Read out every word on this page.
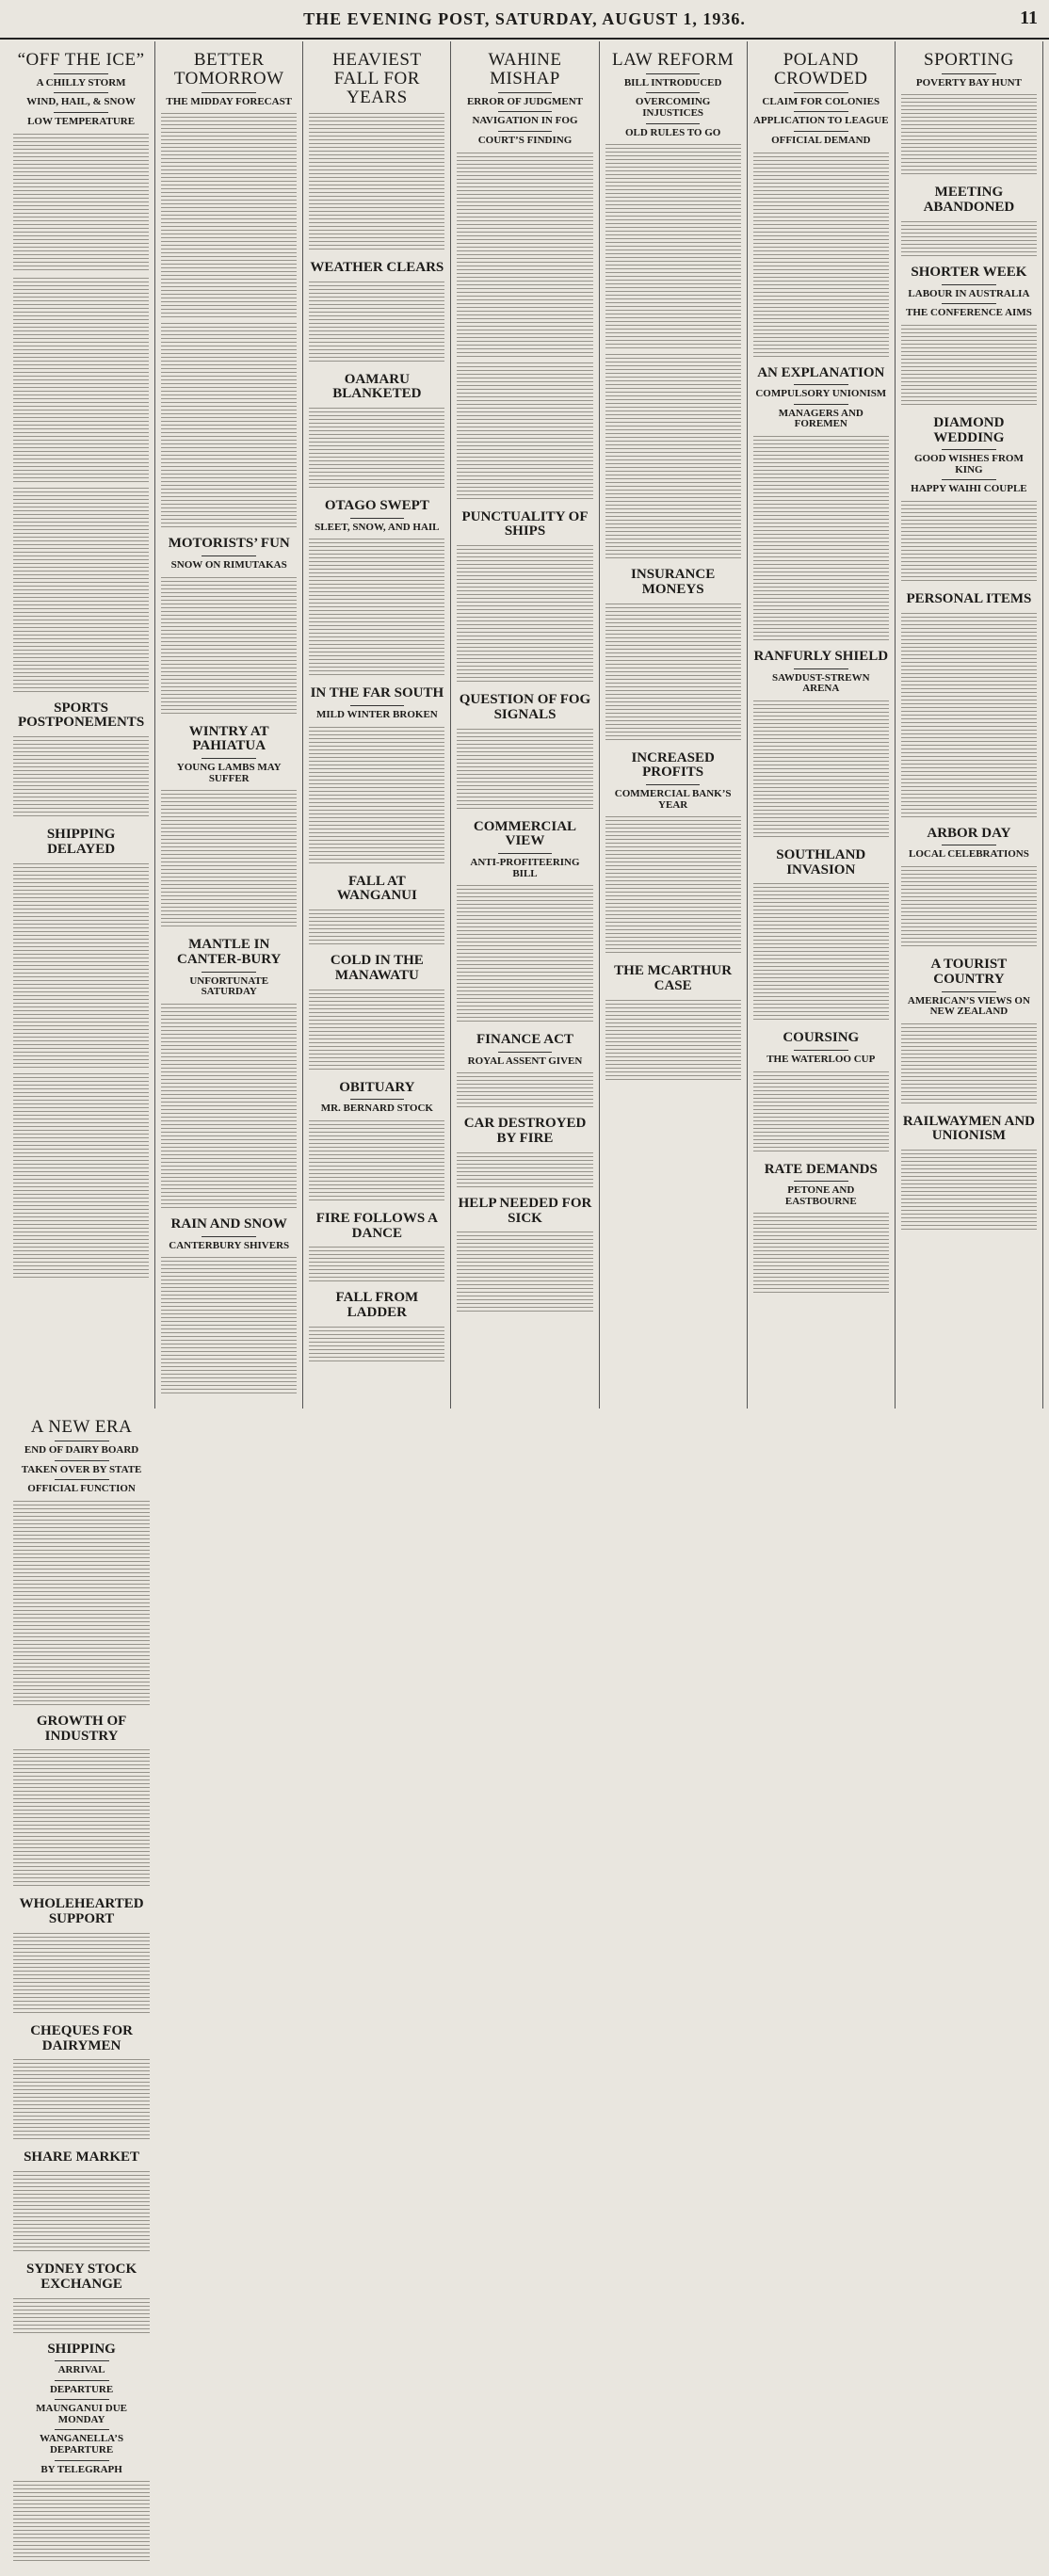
THE EVENING POST, SATURDAY, AUGUST 1, 1936.	11
“OFF THE ICE”
A CHILLY STORM
WIND, HAIL, & SNOW
LOW TEMPERATURE
SPORTS POSTPONEMENTS
SHIPPING DELAYED
BETTER TOMORROW
THE MIDDAY FORECAST
MOTORISTS’ FUN
SNOW ON RIMUTAKAS
WINTRY AT PAHIATUA
YOUNG LAMBS MAY SUFFER
MANTLE IN CANTER-BURY
UNFORTUNATE SATURDAY
RAIN AND SNOW
CANTERBURY SHIVERS
HEAVIEST FALL FOR YEARS
WEATHER CLEARS
OAMARU BLANKETED
OTAGO SWEPT
SLEET, SNOW, AND HAIL
IN THE FAR SOUTH
MILD WINTER BROKEN
FALL AT WANGANUI
COLD IN THE MANAWATU
OBITUARY
MR. BERNARD STOCK
FIRE FOLLOWS A DANCE
FALL FROM LADDER
WAHINE MISHAP
ERROR OF JUDGMENT
NAVIGATION IN FOG
COURT’S FINDING
PUNCTUALITY OF SHIPS
QUESTION OF FOG SIGNALS
COMMERCIAL VIEW
ANTI-PROFITEERING BILL
FINANCE ACT
ROYAL ASSENT GIVEN
CAR DESTROYED BY FIRE
HELP NEEDED FOR SICK
LAW REFORM
BILL INTRODUCED
OVERCOMING INJUSTICES
OLD RULES TO GO
INSURANCE MONEYS
INCREASED PROFITS
COMMERCIAL BANK’S YEAR
THE MCARTHUR CASE
POLAND CROWDED
CLAIM FOR COLONIES
APPLICATION TO LEAGUE
OFFICIAL DEMAND
AN EXPLANATION
COMPULSORY UNIONISM
MANAGERS AND FOREMEN
RANFURLY SHIELD
SAWDUST-STREWN ARENA
SOUTHLAND INVASION
COURSING
THE WATERLOO CUP
RATE DEMANDS
PETONE AND EASTBOURNE
SPORTING
POVERTY BAY HUNT
MEETING ABANDONED
SHORTER WEEK
LABOUR IN AUSTRALIA
THE CONFERENCE AIMS
DIAMOND WEDDING
GOOD WISHES FROM KING
HAPPY WAIHI COUPLE
PERSONAL ITEMS
ARBOR DAY
LOCAL CELEBRATIONS
A TOURIST COUNTRY
AMERICAN’S VIEWS ON NEW ZEALAND
RAILWAYMEN AND UNIONISM
A NEW ERA
END OF DAIRY BOARD
TAKEN OVER BY STATE
OFFICIAL FUNCTION
GROWTH OF INDUSTRY
WHOLEHEARTED SUPPORT
CHEQUES FOR DAIRYMEN
SHARE MARKET
SYDNEY STOCK EXCHANGE
SHIPPING
ARRIVAL
DEPARTURE
MAUNGANUI DUE MONDAY
WANGANELLA’S DEPARTURE
BY TELEGRAPH
